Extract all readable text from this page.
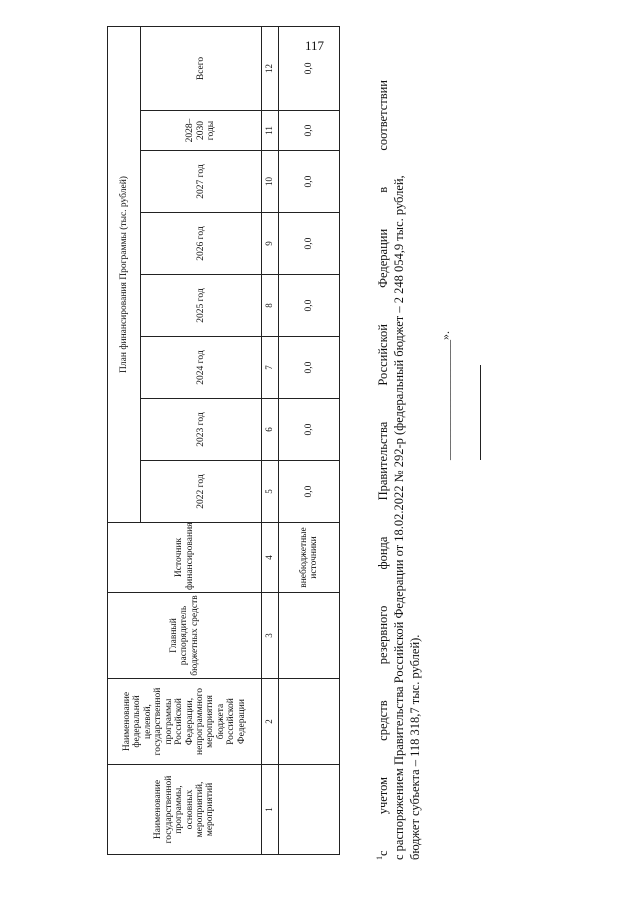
117
Наименование государственной программы, основных мероприятий, мероприятий	Наименование федеральной целевой, государственной программы Российской Федерации, непрограммного мероприятия бюджета Российской Федерации	Главный распорядитель бюджетных средств	Источник финансирования	План финансирования Программы (тыс. рублей)							
				2022 год	2023 год	2024 год	2025 год	2026 год	2027 год	2028–2030 годы	Всего
1	2	3	4	5	6	7	8	9	10	11	12
			внебюджетные источники	0,0	0,0	0,0	0,0	0,0	0,0	0,0	0,0
$^1$с учетом средств резервного фонда Правительства Российской Федерации в соответствии с распоряжением Правительства Российской Федерации от 18.02.2022 № 292-р (федеральный бюджет – 2 248 054,9 тыс. рублей, бюджет субъекта – 118 318,7 тыс. рублей).
____________________».
